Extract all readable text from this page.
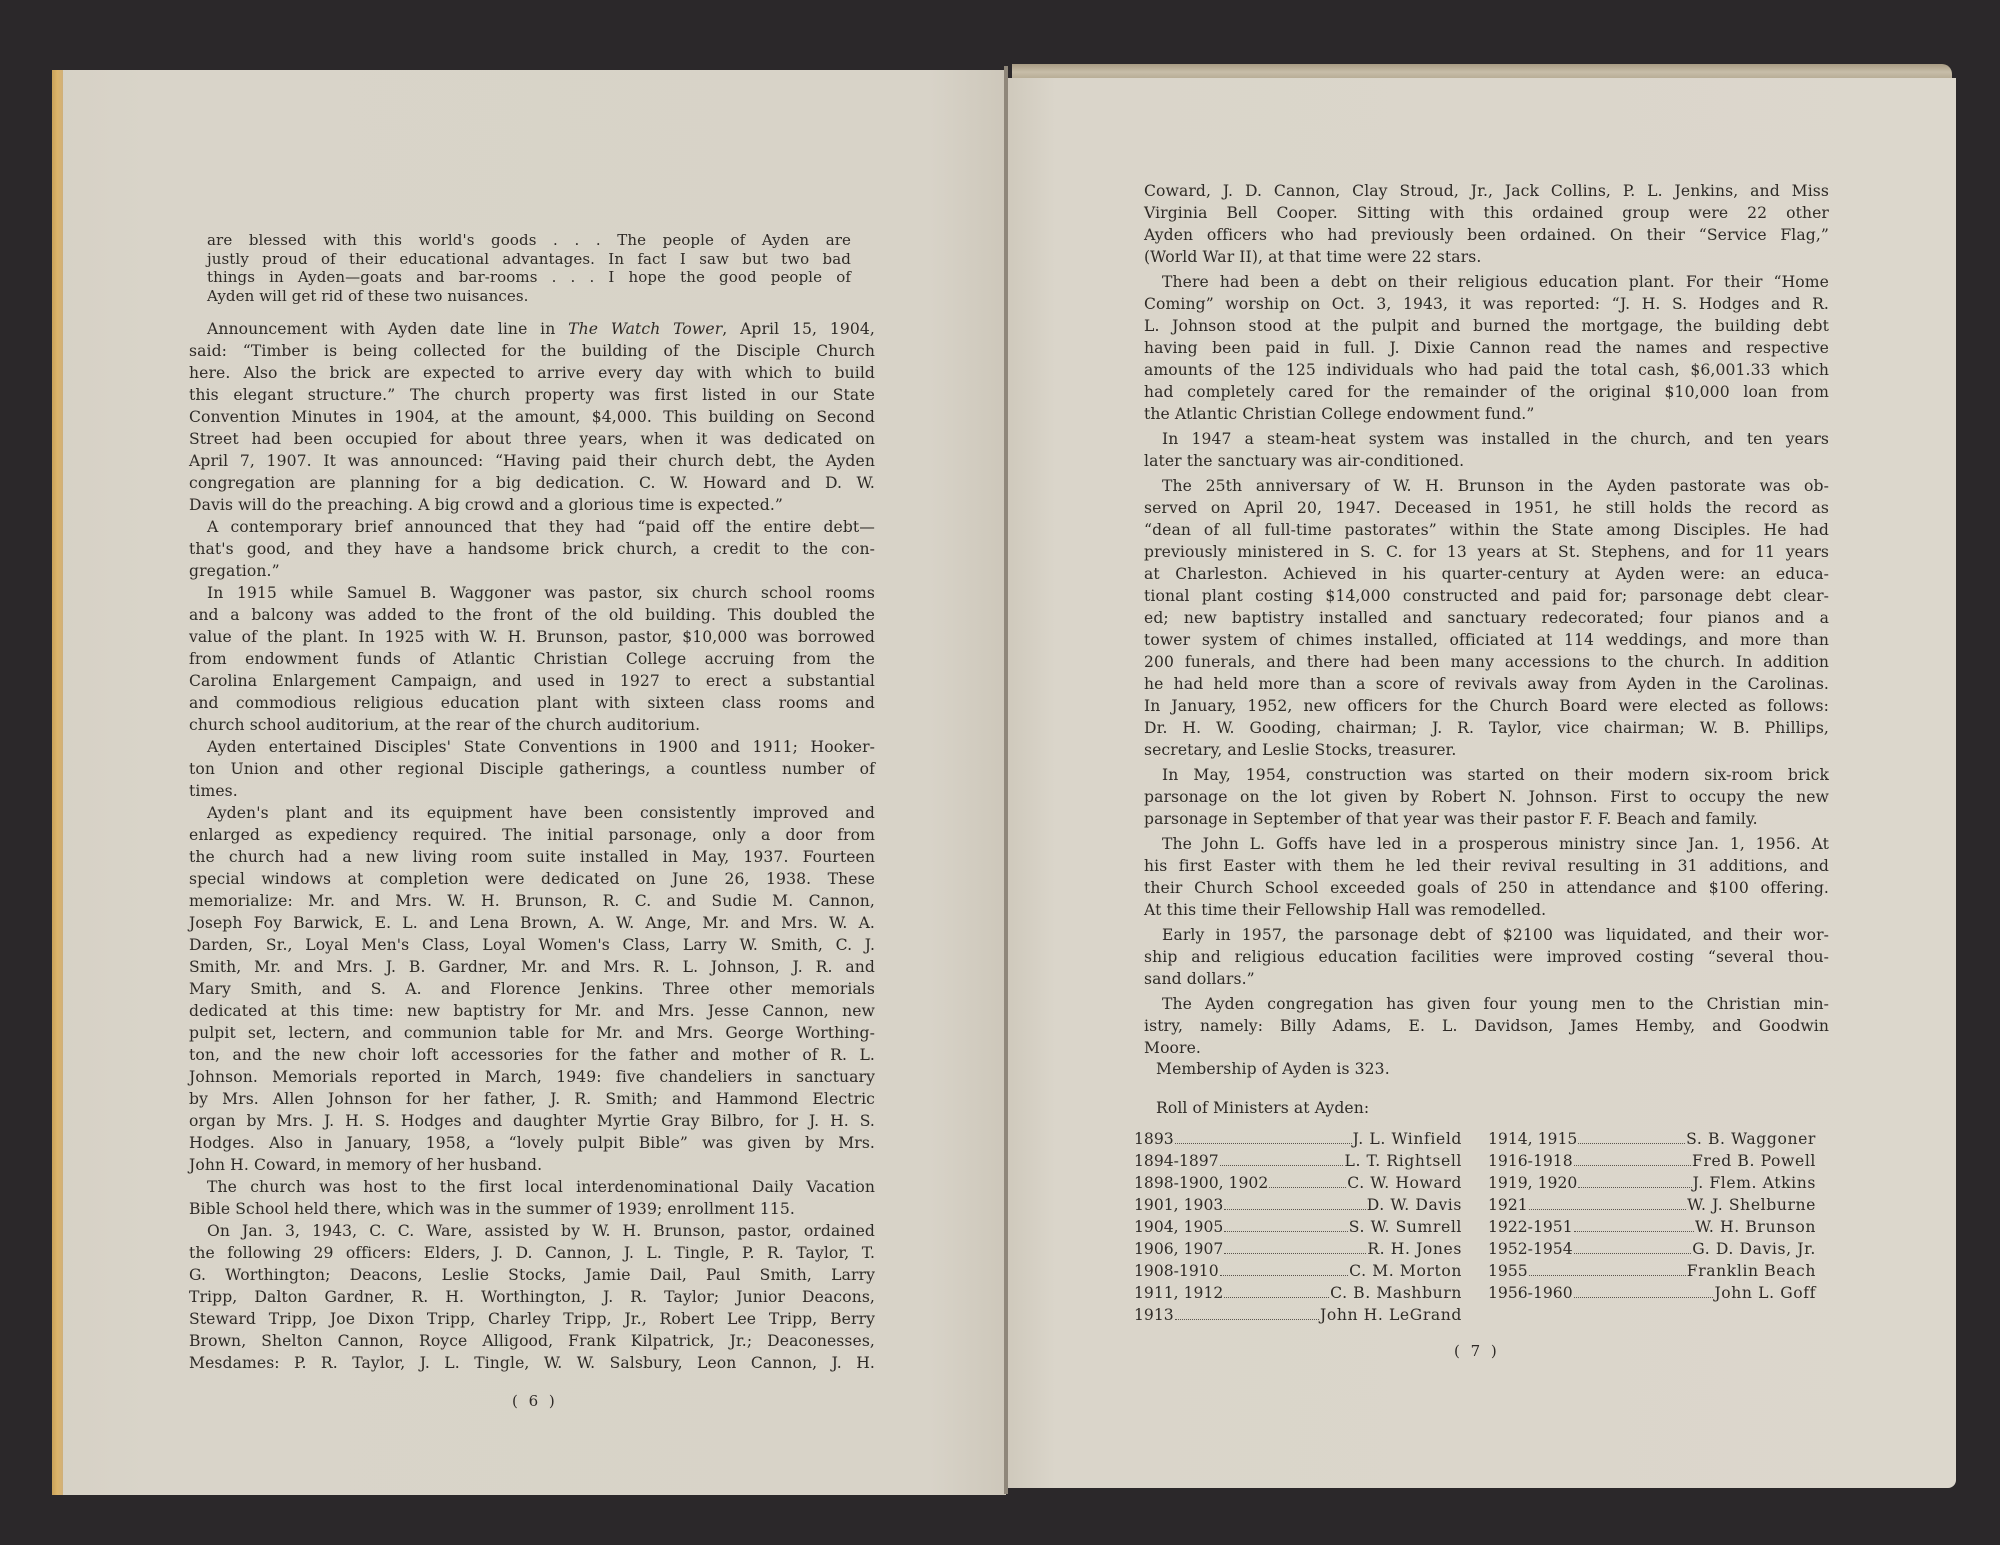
are blessed with this world's goods . . . The people of Ayden are
justly proud of their educational advantages. In fact I saw but two bad
things in Ayden—goats and bar-rooms . . . I hope the good people of
Ayden will get rid of these two nuisances.
Announcement with Ayden date line in The Watch Tower, April 15, 1904,
said: “Timber is being collected for the building of the Disciple Church
here. Also the brick are expected to arrive every day with which to build
this elegant structure.” The church property was first listed in our State
Convention Minutes in 1904, at the amount, $4,000. This building on Second
Street had been occupied for about three years, when it was dedicated on
April 7, 1907. It was announced: “Having paid their church debt, the Ayden
congregation are planning for a big dedication. C. W. Howard and D. W.
Davis will do the preaching. A big crowd and a glorious time is expected.”
A contemporary brief announced that they had “paid off the entire debt—
that's good, and they have a handsome brick church, a credit to the con-
gregation.”
In 1915 while Samuel B. Waggoner was pastor, six church school rooms
and a balcony was added to the front of the old building. This doubled the
value of the plant. In 1925 with W. H. Brunson, pastor, $10,000 was borrowed
from endowment funds of Atlantic Christian College accruing from the
Carolina Enlargement Campaign, and used in 1927 to erect a substantial
and commodious religious education plant with sixteen class rooms and
church school auditorium, at the rear of the church auditorium.
Ayden entertained Disciples' State Conventions in 1900 and 1911; Hooker-
ton Union and other regional Disciple gatherings, a countless number of
times.
Ayden's plant and its equipment have been consistently improved and
enlarged as expediency required. The initial parsonage, only a door from
the church had a new living room suite installed in May, 1937. Fourteen
special windows at completion were dedicated on June 26, 1938. These
memorialize: Mr. and Mrs. W. H. Brunson, R. C. and Sudie M. Cannon,
Joseph Foy Barwick, E. L. and Lena Brown, A. W. Ange, Mr. and Mrs. W. A.
Darden, Sr., Loyal Men's Class, Loyal Women's Class, Larry W. Smith, C. J.
Smith, Mr. and Mrs. J. B. Gardner, Mr. and Mrs. R. L. Johnson, J. R. and
Mary Smith, and S. A. and Florence Jenkins. Three other memorials
dedicated at this time: new baptistry for Mr. and Mrs. Jesse Cannon, new
pulpit set, lectern, and communion table for Mr. and Mrs. George Worthing-
ton, and the new choir loft accessories for the father and mother of R. L.
Johnson. Memorials reported in March, 1949: five chandeliers in sanctuary
by Mrs. Allen Johnson for her father, J. R. Smith; and Hammond Electric
organ by Mrs. J. H. S. Hodges and daughter Myrtie Gray Bilbro, for J. H. S.
Hodges. Also in January, 1958, a “lovely pulpit Bible” was given by Mrs.
John H. Coward, in memory of her husband.
The church was host to the first local interdenominational Daily Vacation
Bible School held there, which was in the summer of 1939; enrollment 115.
On Jan. 3, 1943, C. C. Ware, assisted by W. H. Brunson, pastor, ordained
the following 29 officers: Elders, J. D. Cannon, J. L. Tingle, P. R. Taylor, T.
G. Worthington; Deacons, Leslie Stocks, Jamie Dail, Paul Smith, Larry
Tripp, Dalton Gardner, R. H. Worthington, J. R. Taylor; Junior Deacons,
Steward Tripp, Joe Dixon Tripp, Charley Tripp, Jr., Robert Lee Tripp, Berry
Brown, Shelton Cannon, Royce Alligood, Frank Kilpatrick, Jr.; Deaconesses,
Mesdames: P. R. Taylor, J. L. Tingle, W. W. Salsbury, Leon Cannon, J. H.
( 6 )
Coward, J. D. Cannon, Clay Stroud, Jr., Jack Collins, P. L. Jenkins, and Miss
Virginia Bell Cooper. Sitting with this ordained group were 22 other
Ayden officers who had previously been ordained. On their “Service Flag,”
(World War II), at that time were 22 stars.
There had been a debt on their religious education plant. For their “Home
Coming” worship on Oct. 3, 1943, it was reported: “J. H. S. Hodges and R.
L. Johnson stood at the pulpit and burned the mortgage, the building debt
having been paid in full. J. Dixie Cannon read the names and respective
amounts of the 125 individuals who had paid the total cash, $6,001.33 which
had completely cared for the remainder of the original $10,000 loan from
the Atlantic Christian College endowment fund.”
In 1947 a steam-heat system was installed in the church, and ten years
later the sanctuary was air-conditioned.
The 25th anniversary of W. H. Brunson in the Ayden pastorate was ob-
served on April 20, 1947. Deceased in 1951, he still holds the record as
“dean of all full-time pastorates” within the State among Disciples. He had
previously ministered in S. C. for 13 years at St. Stephens, and for 11 years
at Charleston. Achieved in his quarter-century at Ayden were: an educa-
tional plant costing $14,000 constructed and paid for; parsonage debt clear-
ed; new baptistry installed and sanctuary redecorated; four pianos and a
tower system of chimes installed, officiated at 114 weddings, and more than
200 funerals, and there had been many accessions to the church. In addition
he had held more than a score of revivals away from Ayden in the Carolinas.
In January, 1952, new officers for the Church Board were elected as follows:
Dr. H. W. Gooding, chairman; J. R. Taylor, vice chairman; W. B. Phillips,
secretary, and Leslie Stocks, treasurer.
In May, 1954, construction was started on their modern six-room brick
parsonage on the lot given by Robert N. Johnson. First to occupy the new
parsonage in September of that year was their pastor F. F. Beach and family.
The John L. Goffs have led in a prosperous ministry since Jan. 1, 1956. At
his first Easter with them he led their revival resulting in 31 additions, and
their Church School exceeded goals of 250 in attendance and $100 offering.
At this time their Fellowship Hall was remodelled.
Early in 1957, the parsonage debt of $2100 was liquidated, and their wor-
ship and religious education facilities were improved costing “several thou-
sand dollars.”
The Ayden congregation has given four young men to the Christian min-
istry, namely: Billy Adams, E. L. Davidson, James Hemby, and Goodwin
Moore.
Membership of Ayden is 323.
Roll of Ministers at Ayden:
1893	J. L. Winfield
1894-1897	L. T. Rightsell
1898-1900, 1902	C. W. Howard
1901, 1903	D. W. Davis
1904, 1905	S. W. Sumrell
1906, 1907	R. H. Jones
1908-1910	C. M. Morton
1911, 1912	C. B. Mashburn
1913	John H. LeGrand
1914, 1915	S. B. Waggoner
1916-1918	Fred B. Powell
1919, 1920	J. Flem. Atkins
1921	W. J. Shelburne
1922-1951	W. H. Brunson
1952-1954	G. D. Davis, Jr.
1955	Franklin Beach
1956-1960	John L. Goff
( 7 )
